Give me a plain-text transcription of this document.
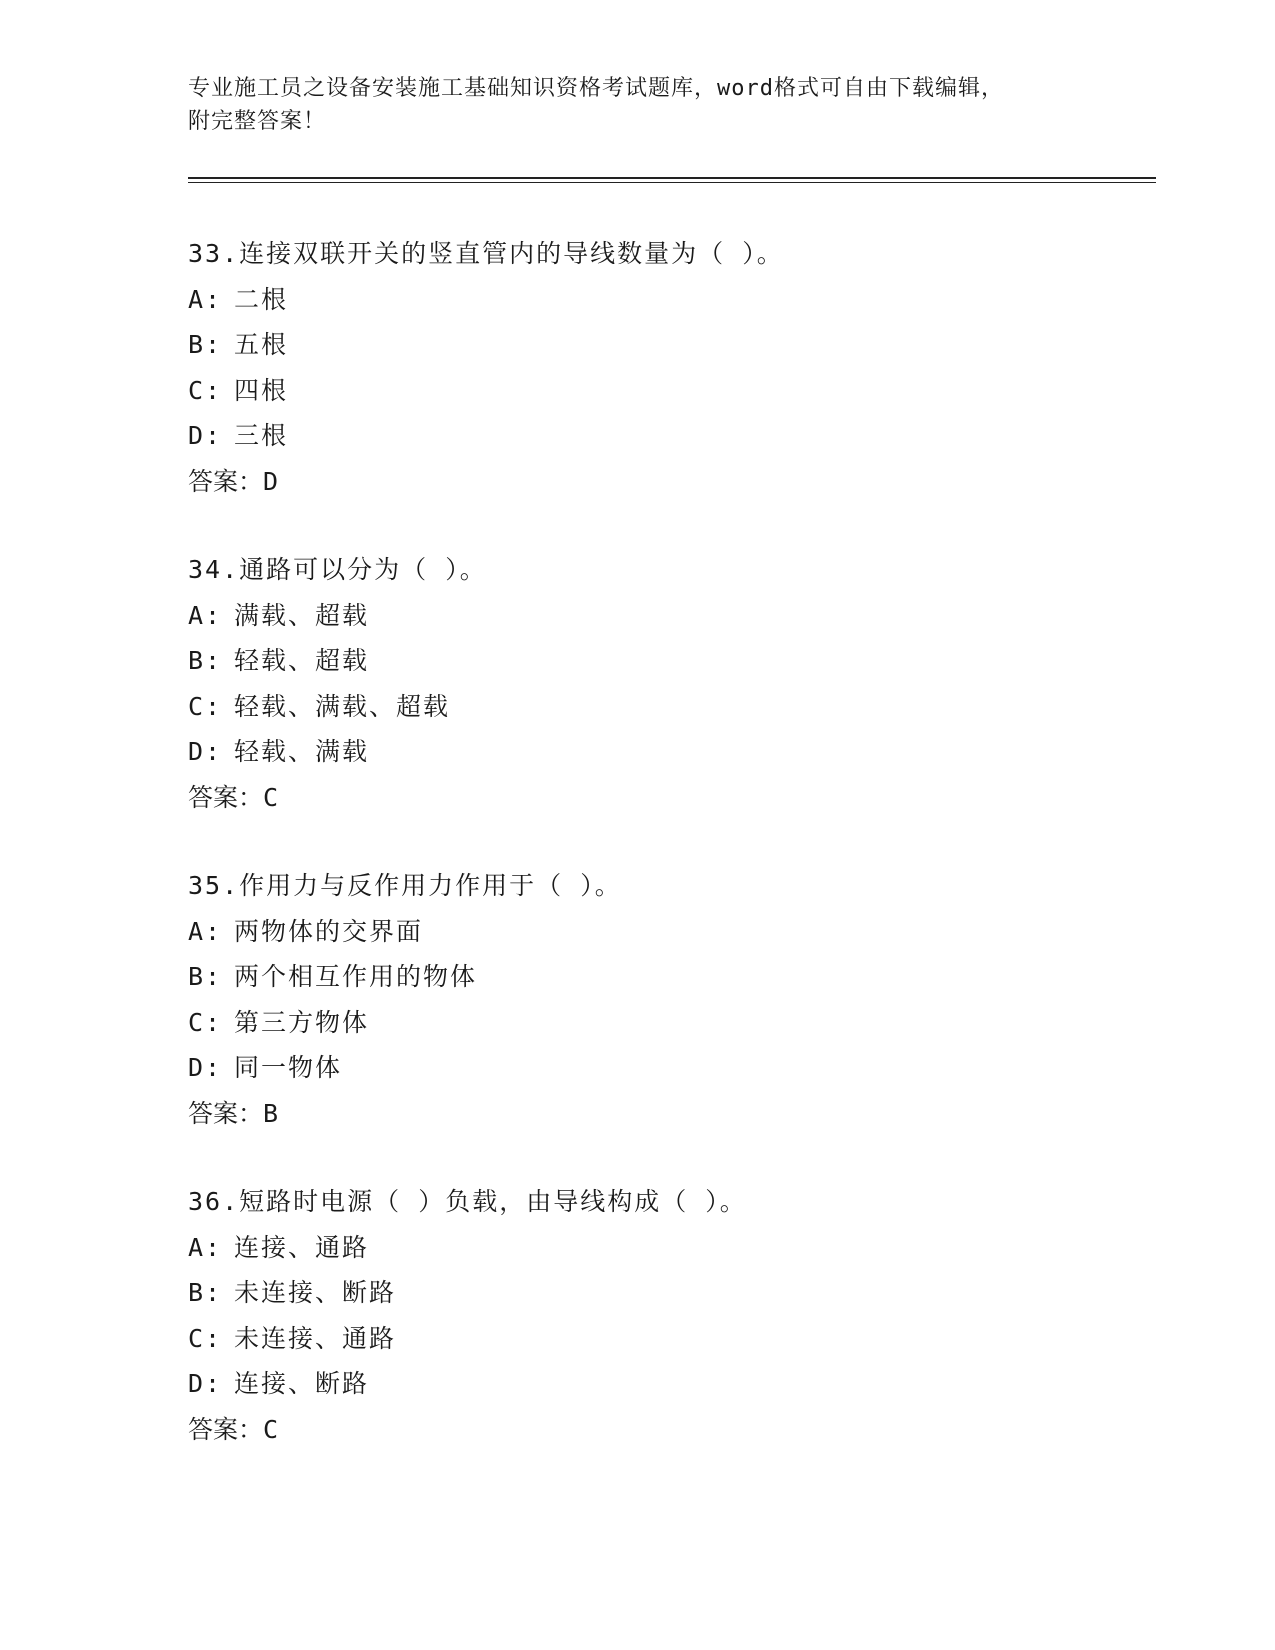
专业施工员之设备安装施工基础知识资格考试题库，word格式可自由下载编辑，
附完整答案！
33.连接双联开关的竖直管内的导线数量为（ ）。
A: 二根
B: 五根
C: 四根
D: 三根
答案：D
34.通路可以分为（ ）。
A: 满载、超载
B: 轻载、超载
C: 轻载、满载、超载
D: 轻载、满载
答案：C
35.作用力与反作用力作用于（ ）。
A: 两物体的交界面
B: 两个相互作用的物体
C: 第三方物体
D: 同一物体
答案：B
36.短路时电源（ ）负载，由导线构成（ ）。
A: 连接、通路
B: 未连接、断路
C: 未连接、通路
D: 连接、断路
答案：C
